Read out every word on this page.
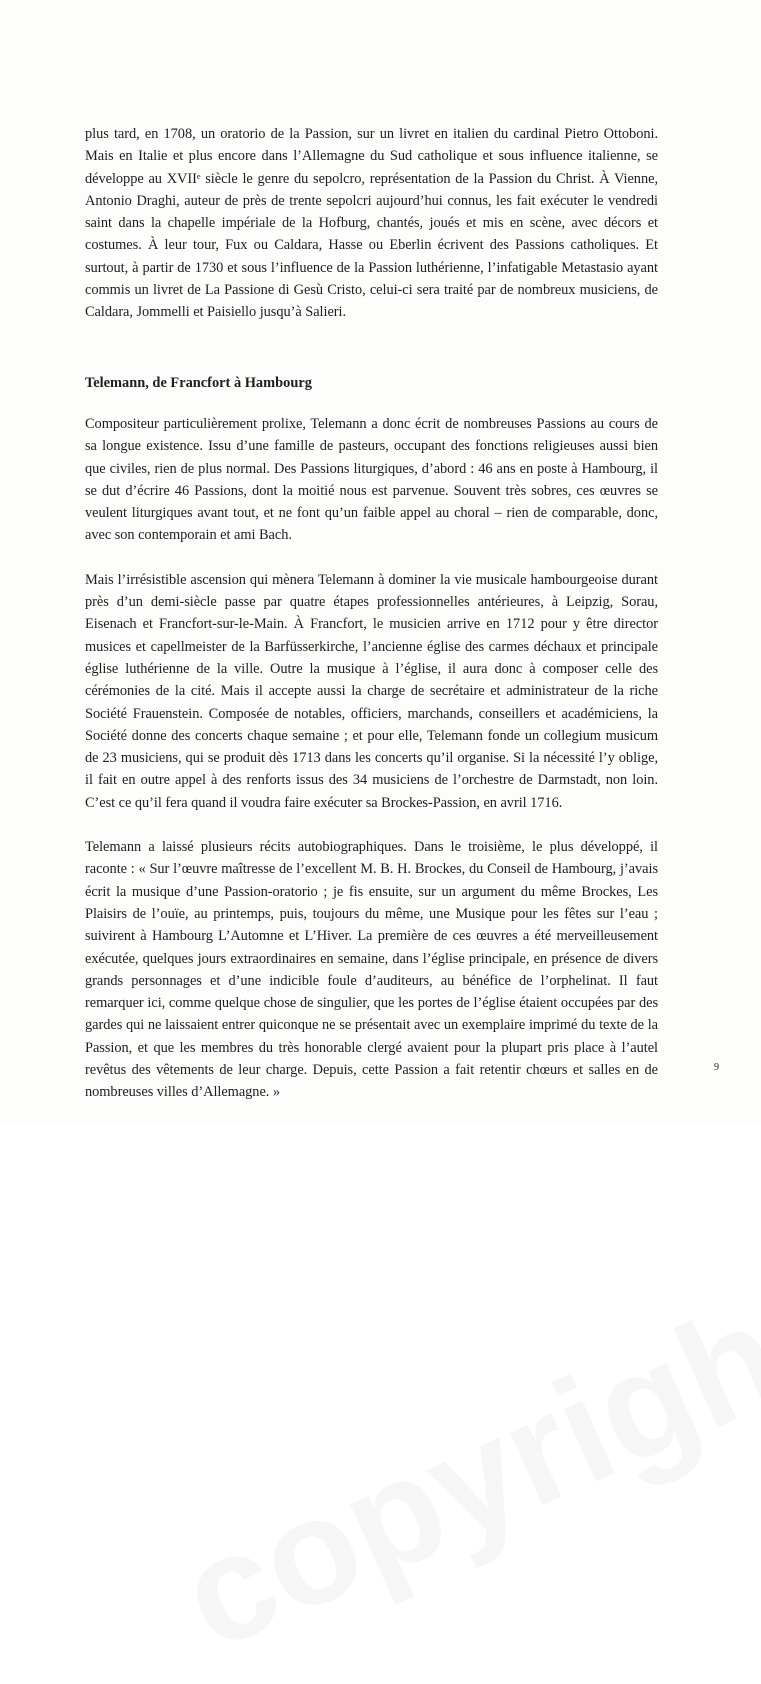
plus tard, en 1708, un oratorio de la Passion, sur un livret en italien du cardinal Pietro Ottoboni. Mais en Italie et plus encore dans l’Allemagne du Sud catholique et sous influence italienne, se développe au XVIIᵉ siècle le genre du sepolcro, représentation de la Passion du Christ. À Vienne, Antonio Draghi, auteur de près de trente sepolcri aujourd’hui connus, les fait exécuter le vendredi saint dans la chapelle impériale de la Hofburg, chantés, joués et mis en scène, avec décors et costumes. À leur tour, Fux ou Caldara, Hasse ou Eberlin écrivent des Passions catholiques. Et surtout, à partir de 1730 et sous l’influence de la Passion luthérienne, l’infatigable Metastasio ayant commis un livret de La Passione di Gesù Cristo, celui-ci sera traité par de nombreux musiciens, de Caldara, Jommelli et Paisiello jusqu’à Salieri.

Telemann, de Francfort à Hambourg

Compositeur particulièrement prolixe, Telemann a donc écrit de nombreuses Passions au cours de sa longue existence. Issu d’une famille de pasteurs, occupant des fonctions religieuses aussi bien que civiles, rien de plus normal. Des Passions liturgiques, d’abord : 46 ans en poste à Hambourg, il se dut d’écrire 46 Passions, dont la moitié nous est parvenue. Souvent très sobres, ces œuvres se veulent liturgiques avant tout, et ne font qu’un faible appel au choral – rien de comparable, donc, avec son contemporain et ami Bach.

Mais l’irrésistible ascension qui mènera Telemann à dominer la vie musicale hambourgeoise durant près d’un demi-siècle passe par quatre étapes professionnelles antérieures, à Leipzig, Sorau, Eisenach et Francfort-sur-le-Main. À Francfort, le musicien arrive en 1712 pour y être director musices et capellmeister de la Barfüsserkirche, l’ancienne église des carmes déchaux et principale église luthérienne de la ville. Outre la musique à l’église, il aura donc à composer celle des cérémonies de la cité. Mais il accepte aussi la charge de secrétaire et administrateur de la riche Société Frauenstein. Composée de notables, officiers, marchands, conseillers et académiciens, la Société donne des concerts chaque semaine ; et pour elle, Telemann fonde un collegium musicum de 23 musiciens, qui se produit dès 1713 dans les concerts qu’il organise. Si la nécessité l’y oblige, il fait en outre appel à des renforts issus des 34 musiciens de l’orchestre de Darmstadt, non loin. C’est ce qu’il fera quand il voudra faire exécuter sa Brockes-Passion, en avril 1716.

Telemann a laissé plusieurs récits autobiographiques. Dans le troisième, le plus développé, il raconte : « Sur l’œuvre maîtresse de l’excellent M. B. H. Brockes, du Conseil de Hambourg, j’avais écrit la musique d’une Passion-oratorio ; je fis ensuite, sur un argument du même Brockes, Les Plaisirs de l’ouïe, au printemps, puis, toujours du même, une Musique pour les fêtes sur l’eau ; suivirent à Hambourg L’Automne et L’Hiver. La première de ces œuvres a été merveilleusement exécutée, quelques jours extraordinaires en semaine, dans l’église principale, en présence de divers grands personnages et d’une indicible foule d’auditeurs, au bénéfice de l’orphelinat. Il faut remarquer ici, comme quelque chose de singulier, que les portes de l’église étaient occupées par des gardes qui ne laissaient entrer quiconque ne se présentait avec un exemplaire imprimé du texte de la Passion, et que les membres du très honorable clergé avaient pour la plupart pris place à l’autel revêtus des vêtements de leur charge. Depuis, cette Passion a fait retentir chœurs et salles en de nombreuses villes d’Allemagne. »

9
